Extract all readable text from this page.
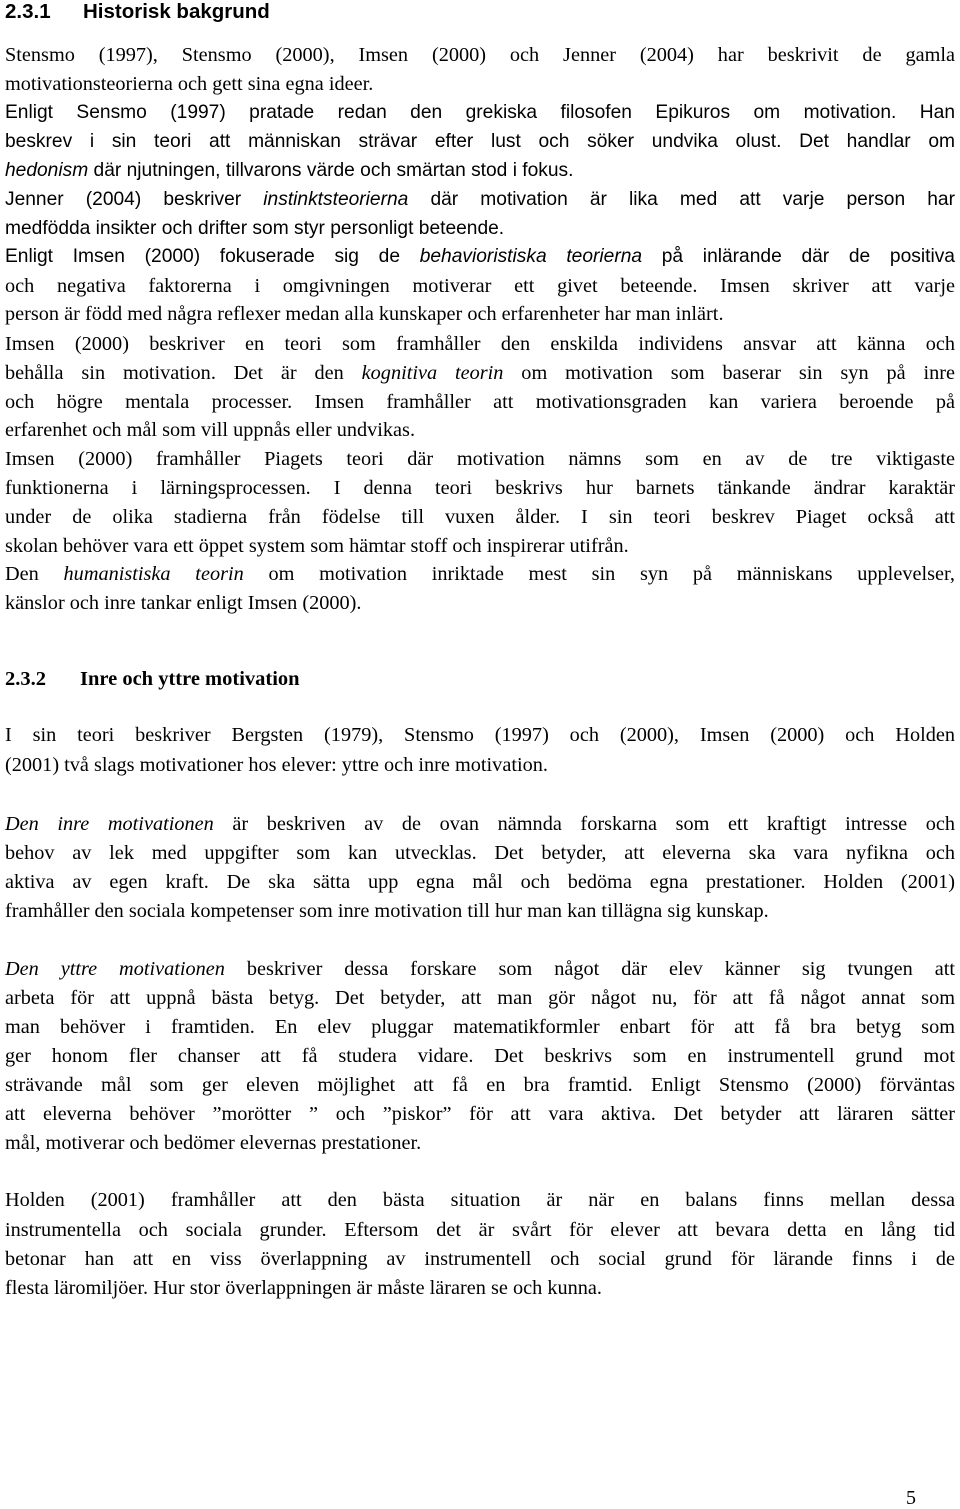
2.3.1 Historisk bakgrund
Stensmo (1997), Stensmo (2000), Imsen (2000) och Jenner (2004) har beskrivit de gamla
motivationsteorierna och gett sina egna ideer.
Enligt Sensmo (1997) pratade redan den grekiska filosofen Epikuros om motivation. Han
beskrev i sin teori att människan strävar efter lust och söker undvika olust. Det handlar om
hedonism där njutningen, tillvarons värde och smärtan stod i fokus.
Jenner (2004) beskriver instinktsteorierna där motivation är lika med att varje person har
medfödda insikter och drifter som styr personligt beteende.
Enligt Imsen (2000) fokuserade sig de behavioristiska teorierna på inlärande där de positiva
och negativa faktorerna i omgivningen motiverar ett givet beteende. Imsen skriver att varje
person är född med några reflexer medan alla kunskaper och erfarenheter har man inlärt.
Imsen (2000) beskriver en teori som framhåller den enskilda individens ansvar att känna och
behålla sin motivation. Det är den kognitiva teorin om motivation som baserar sin syn på inre
och högre mentala processer. Imsen framhåller att motivationsgraden kan variera beroende på
erfarenhet och mål som vill uppnås eller undvikas.
Imsen (2000) framhåller Piagets teori där motivation nämns som en av de tre viktigaste
funktionerna i lärningsprocessen. I denna teori beskrivs hur barnets tänkande ändrar karaktär
under de olika stadierna från födelse till vuxen ålder. I sin teori beskrev Piaget också att
skolan behöver vara ett öppet system som hämtar stoff och inspirerar utifrån.
Den humanistiska teorin om motivation inriktade mest sin syn på människans upplevelser,
känslor och inre tankar enligt Imsen (2000).
2.3.2 Inre och yttre motivation
I sin teori beskriver Bergsten (1979), Stensmo (1997) och (2000), Imsen (2000) och Holden
(2001) två slags motivationer hos elever: yttre och inre motivation.
Den inre motivationen är beskriven av de ovan nämnda forskarna som ett kraftigt intresse och
behov av lek med uppgifter som kan utvecklas. Det betyder, att eleverna ska vara nyfikna och
aktiva av egen kraft. De ska sätta upp egna mål och bedöma egna prestationer. Holden (2001)
framhåller den sociala kompetenser som inre motivation till hur man kan tillägna sig kunskap.
Den yttre motivationen beskriver dessa forskare som något där elev känner sig tvungen att
arbeta för att uppnå bästa betyg. Det betyder, att man gör något nu, för att få något annat som
man behöver i framtiden. En elev pluggar matematikformler enbart för att få bra betyg som
ger honom fler chanser att få studera vidare. Det beskrivs som en instrumentell grund mot
strävande mål som ger eleven möjlighet att få en bra framtid. Enligt Stensmo (2000) förväntas
att eleverna behöver ”morötter ” och ”piskor” för att vara aktiva. Det betyder att läraren sätter
mål, motiverar och bedömer elevernas prestationer.
Holden (2001) framhåller att den bästa situation är när en balans finns mellan dessa
instrumentella och sociala grunder. Eftersom det är svårt för elever att bevara detta en lång tid
betonar han att en viss överlappning av instrumentell och social grund för lärande finns i de
flesta läromiljöer. Hur stor överlappningen är måste läraren se och kunna.
5
